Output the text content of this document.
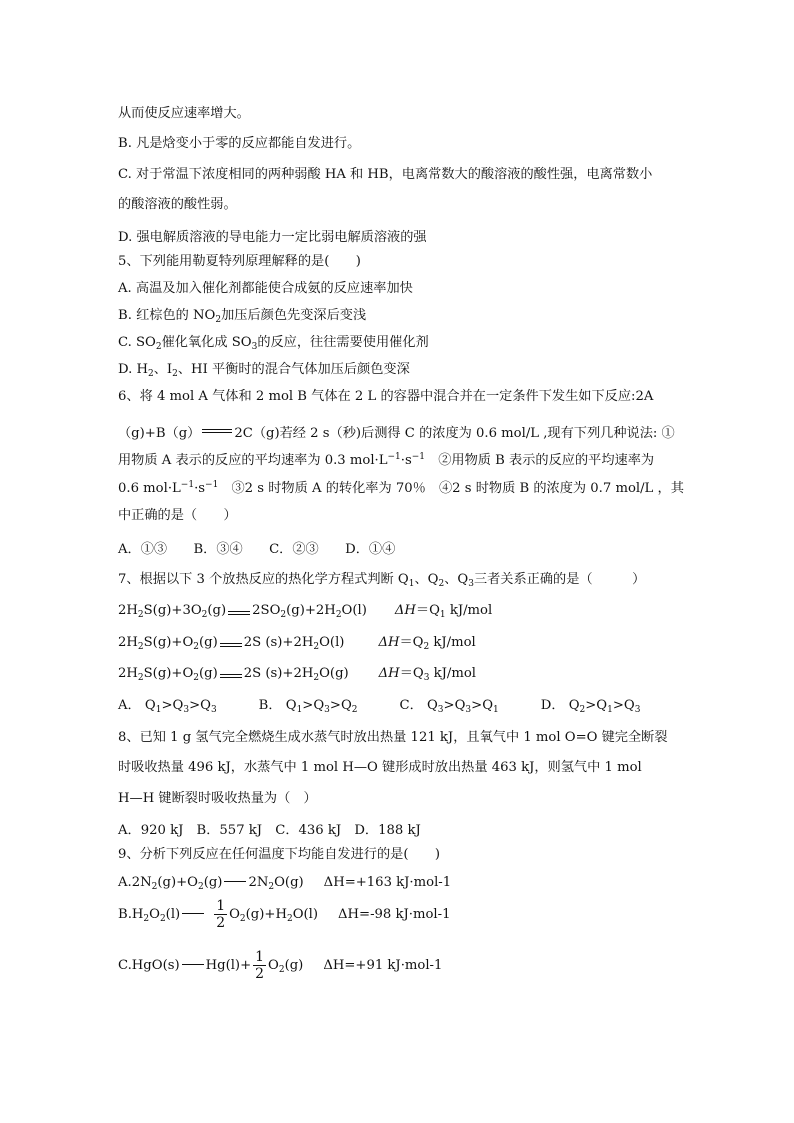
从而使反应速率增大。
B. 凡是焓变小于零的反应都能自发进行。
C. 对于常温下浓度相同的两种弱酸 HA 和 HB，电离常数大的酸溶液的酸性强，电离常数小
的酸溶液的酸性弱。
D. 强电解质溶液的导电能力一定比弱电解质溶液的强
5、下列能用勒夏特列原理解释的是(　　)
A. 高温及加入催化剂都能使合成氨的反应速率加快
B. 红棕色的 $NO_2$加压后颜色先变深后变浅
C. $SO_2$催化氧化成 $SO_3$的反应，往往需要使用催化剂
D. $H_2$、$I_2$、HI 平衡时的混合气体加压后颜色变深
6、将 4 mol A 气体和 2 mol B 气体在 2 L 的容器中混合并在一定条件下发生如下反应:2A
（g)+B（g）	2C（g)若经 2 s（秒)后测得 C 的浓度为 0.6 mol/L ,现有下列几种说法: ①
用物质 A 表示的反应的平均速率为 0.3 $mol\cdot L^{-1}\cdot s^{-1}$　②用物质 B 表示的反应的平均速率为
0.6 $mol\cdot L^{-1}\cdot s^{-1}$　③2 s 时物质 A 的转化率为 70％　④2 s 时物质 B 的浓度为 0.7 mol/L ，其
中正确的是（　　）
A．①③　　B．③④　　C．②③　　D．①④
7、根据以下 3 个放热反应的热化学方程式判断 $Q_1$、$Q_2$、$Q_3$三者关系正确的是（　　　）
$2H_2S(g)+3O_2(g)$ $2SO_2(g)+2H_2O(l)$ $\Delta H=Q_1$ kJ/mol
$2H_2S(g)+O_2(g)$ 2S $(s)+2H_2O(l)$	$\Delta H=Q_2$ kJ/mol
$2H_2S(g)+O_2(g)$ 2S $(s)+2H_2O(g)$ $\Delta H=Q_3$ kJ/mol
A． $Q_1>Q_3>Q_3$	B． $Q_1>Q_3>Q_2$	C． $Q_3>Q_3>Q_1$	D． $Q_2>Q_1>Q_3$
8、已知 1 g 氢气完全燃烧生成水蒸气时放出热量 121 kJ，且氧气中 1 mol O=O 键完全断裂
时吸收热量 496 kJ，水蒸气中 1 mol H—O 键形成时放出热量 463 kJ，则氢气中 1 mol
H—H 键断裂时吸收热量为（　）
A．920 kJ　B．557 kJ　C．436 kJ　D．188 kJ
9、分析下列反应在任何温度下均能自发进行的是(　　)
$A.2N_2(g)+O_2(g)$ $2N_2O(g)$ ΔH=+163 kJ·mol-1
$B.H_2O_2(l) \frac{1}{2} O_2(g)+H_2O(l)$ ΔH=-98 kJ·mol-1
C.HgO(s) $Hg(l)+ \frac{1}{2} O_2(g)$ ΔH=+91 kJ·mol-1
